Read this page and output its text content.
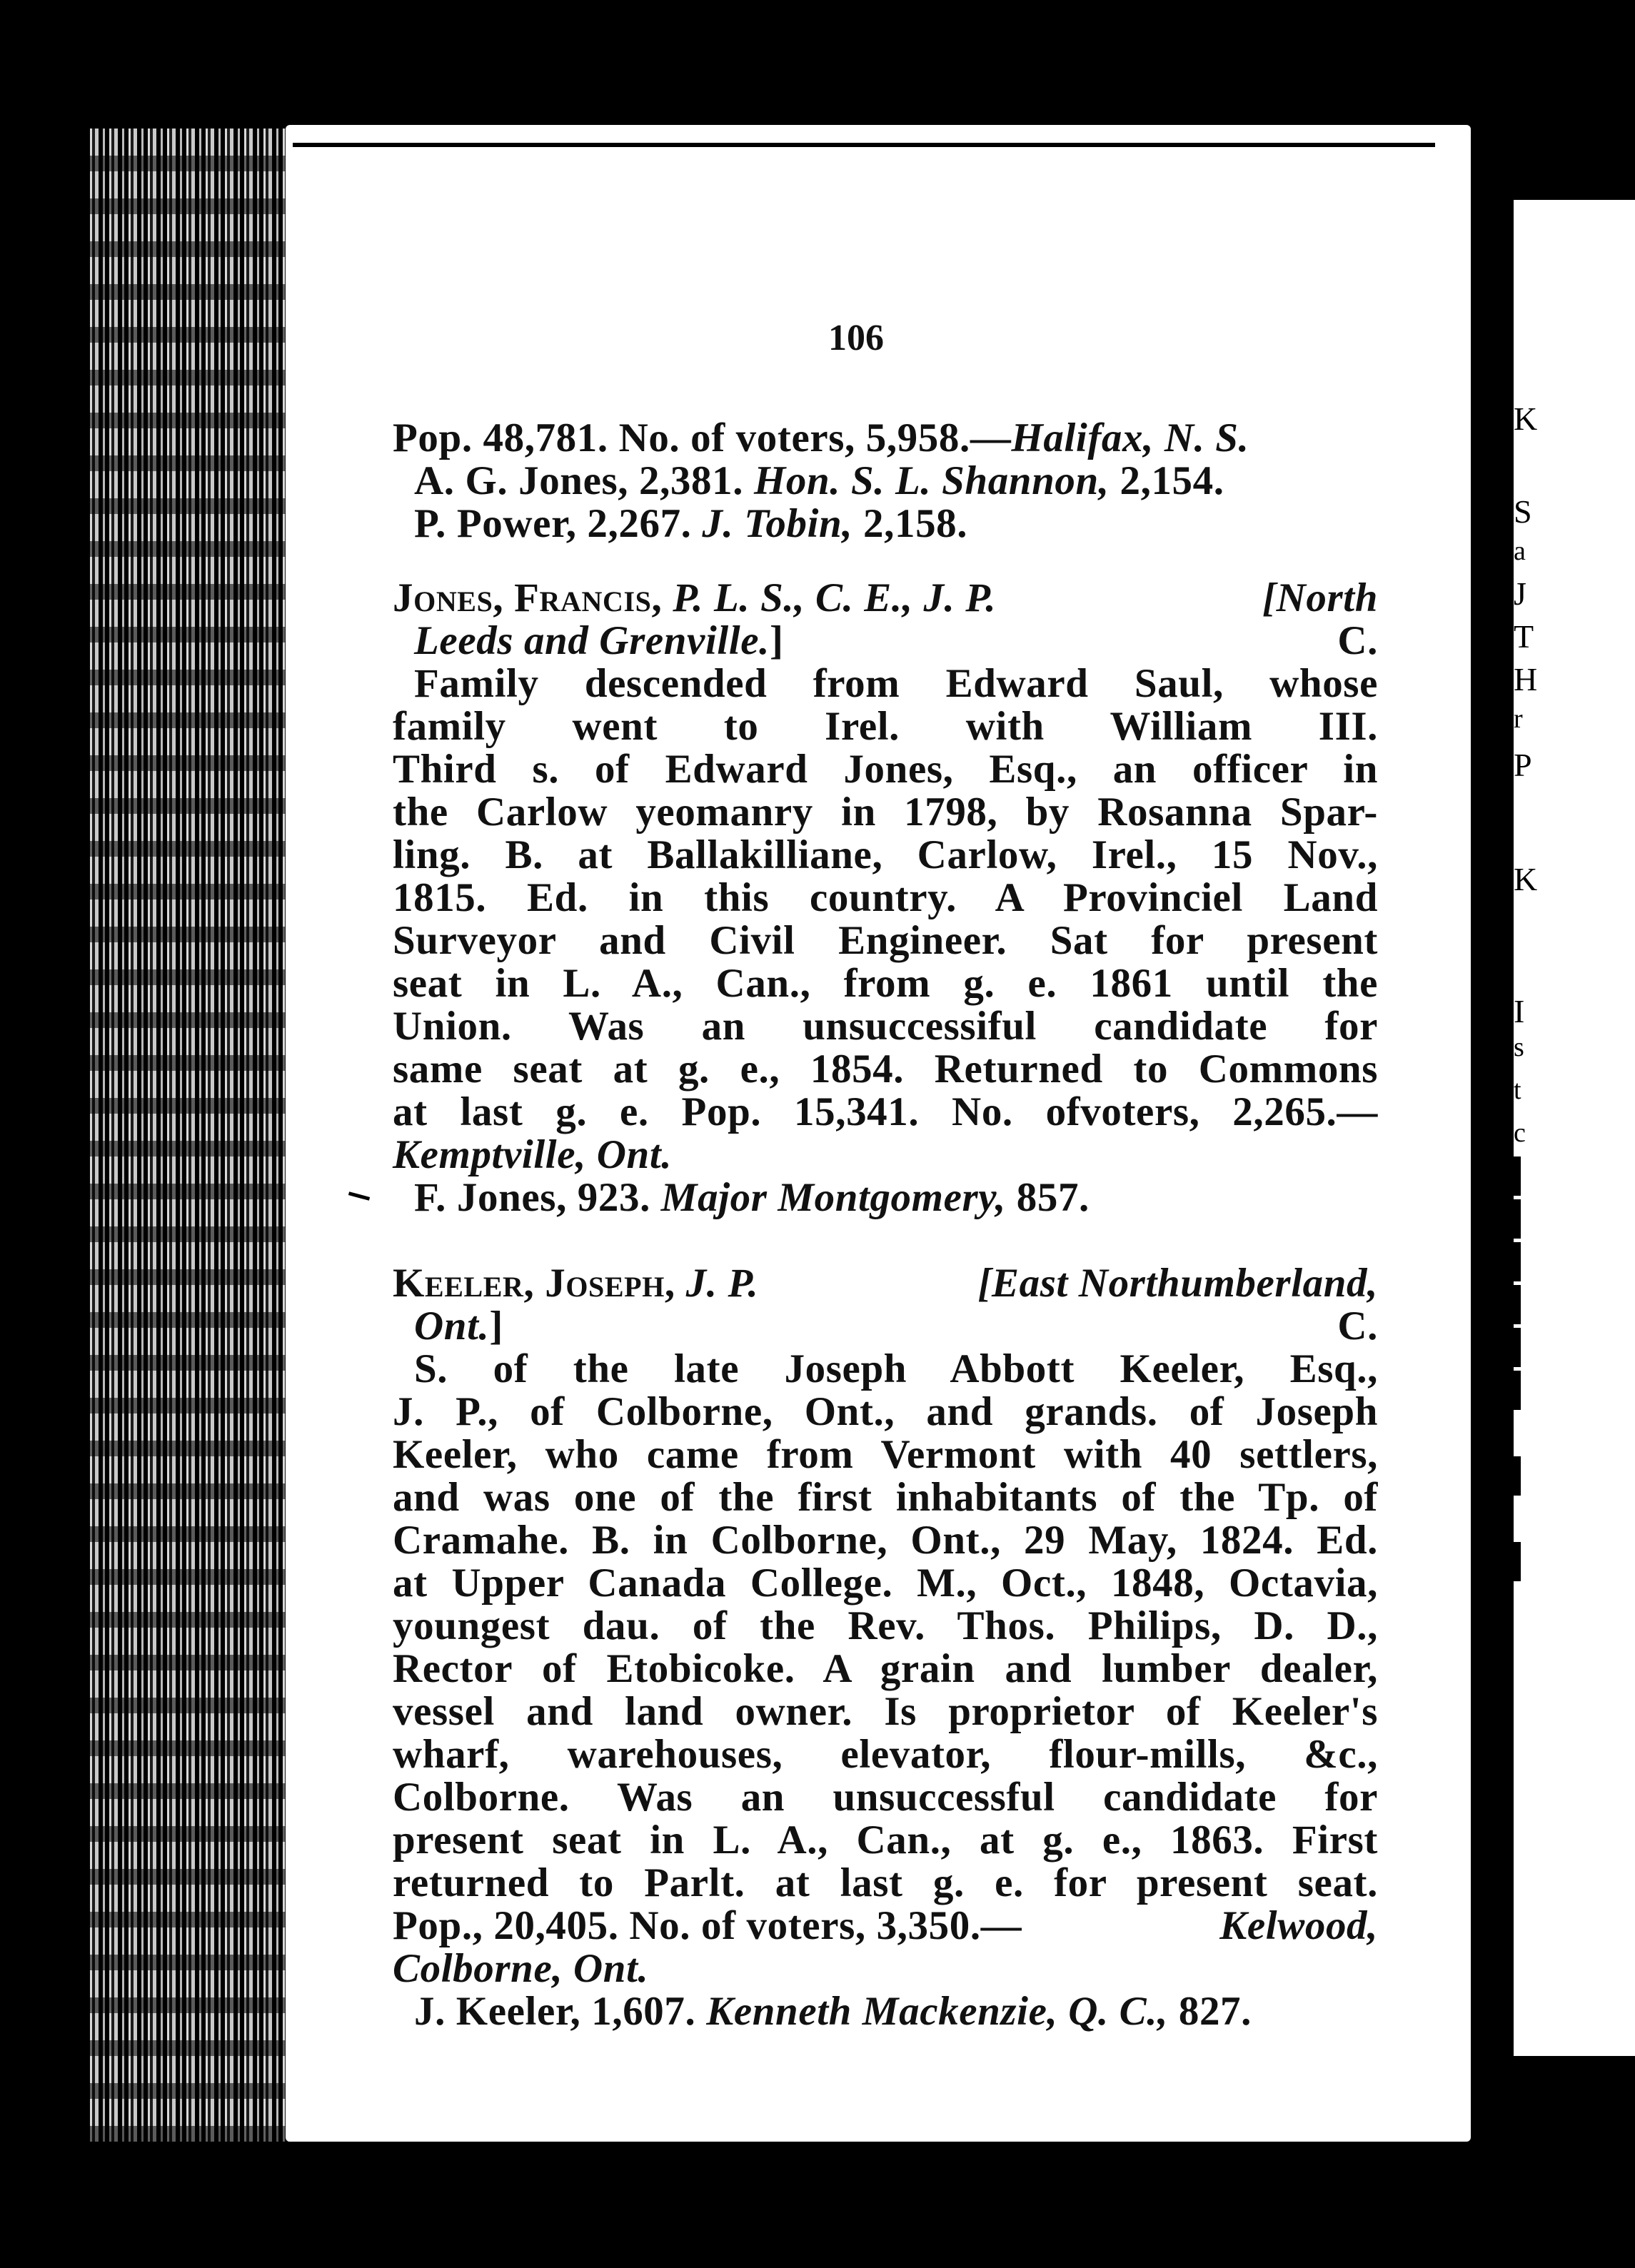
K
S
a
J
T
H
r
P
K
I
s
t
c
106
Pop. 48,781. No. of voters, 5,958.—Halifax, N. S.
A. G. Jones, 2,381. Hon. S. L. Shannon, 2,154.
P. Power, 2,267. J. Tobin, 2,158.
Jones, Francis, P. L. S., C. E., J. P.	[North
Leeds and Grenville.]	C.
Family descended from Edward Saul, whose
family went to Irel. with William III.
Third s. of Edward Jones, Esq., an officer in
the Carlow yeomanry in 1798, by Rosanna Spar-
ling. B. at Ballakilliane, Carlow, Irel., 15 Nov.,
1815. Ed. in this country. A Provinciel Land
Surveyor and Civil Engineer. Sat for present
seat in L. A., Can., from g. e. 1861 until the
Union. Was an unsuccessiful candidate for
same seat at g. e., 1854. Returned to Commons
at last g. e. Pop. 15,341. No. ofvoters, 2,265.—
Kemptville, Ont.
F. Jones, 923. Major Montgomery, 857.
Keeler, Joseph, J. P.	[East Northumberland,
Ont.]	C.
S. of the late Joseph Abbott Keeler, Esq.,
J. P., of Colborne, Ont., and grands. of Joseph
Keeler, who came from Vermont with 40 settlers,
and was one of the first inhabitants of the Tp. of
Cramahe. B. in Colborne, Ont., 29 May, 1824. Ed.
at Upper Canada College. M., Oct., 1848, Octavia,
youngest dau. of the Rev. Thos. Philips, D. D.,
Rector of Etobicoke. A grain and lumber dealer,
vessel and land owner. Is proprietor of Keeler's
wharf, warehouses, elevator, flour-mills, &c.,
Colborne. Was an unsuccessful candidate for
present seat in L. A., Can., at g. e., 1863. First
returned to Parlt. at last g. e. for present seat.
Pop., 20,405. No. of voters, 3,350.—	Kelwood,
Colborne, Ont.
J. Keeler, 1,607. Kenneth Mackenzie, Q. C., 827.
